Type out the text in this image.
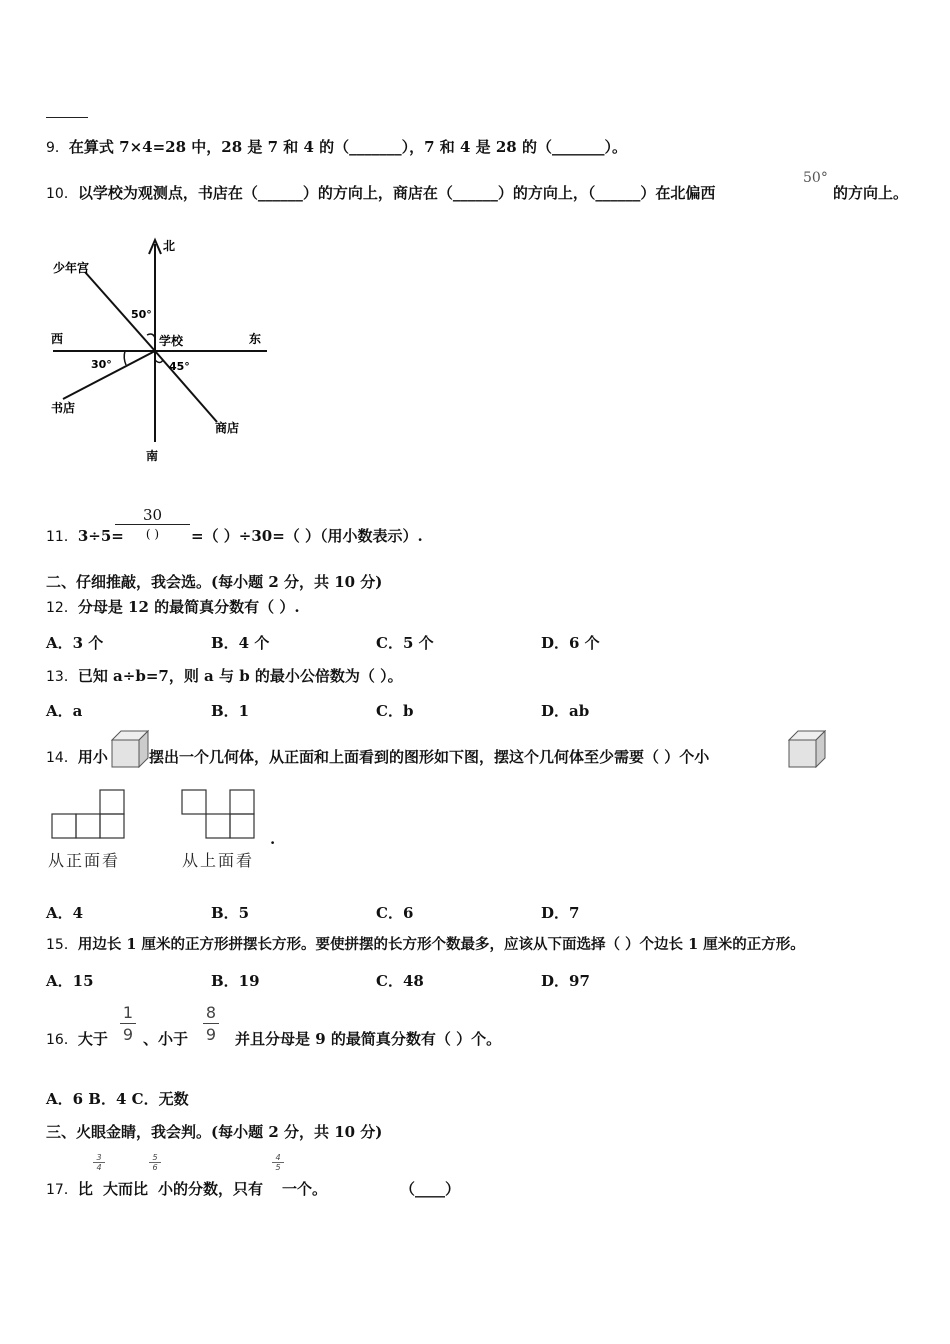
9．在算式 7×4=28 中，28 是 7 和 4 的（_______），7 和 4 是 28 的（_______）。
10．以学校为观测点，书店在（______）的方向上，商店在（______）的方向上，（______）在北偏西
50°
的方向上。
北
南
东
西	学校
少年宫
书店
商店
50°
30°	45°
11．3÷5=
30
( )	=（ ）÷30=（ ）（用小数表示）.
二、仔细推敲，我会选。(每小题 2 分，共 10 分)
12．分母是 12 的最简真分数有（ ）.
A．3 个	B．4 个	C．5 个	D．6 个
13．已知 a÷b=7，则 a 与 b 的最小公倍数为（ ）。
A．a	B．1	C．b	D．ab
14．用小	摆出一个几何体，从正面和上面看到的图形如下图，摆这个几何体至少需要（ ）个小
从正面看	从上面看
.
A．4	B．5	C．6	D．7
15．用边长 1 厘米的正方形拼摆长方形。要使拼摆的长方形个数最多，应该从下面选择（ ）个边长 1 厘米的正方形。
A．15	B．19	C．48	D．97
16．大于
1
9 、小于
8
9	并且分母是 9 的最简真分数有（ ）个。
A．6 B．4 C．无数
三、火眼金睛，我会判。(每小题 2 分，共 10 分)
17．比
3
4
大而比
5
6
小的分数，只有
4
5
一个。	（____）
